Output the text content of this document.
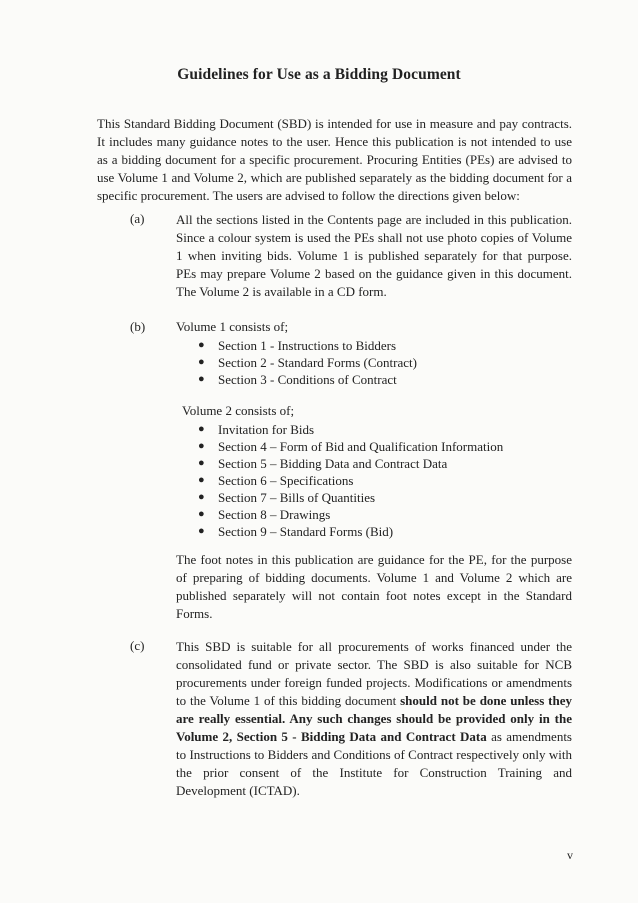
Guidelines for Use as a Bidding Document
This Standard Bidding Document (SBD) is intended for use in measure and pay contracts. It includes many guidance notes to the user. Hence this publication is not intended to use as a bidding document for a specific procurement. Procuring Entities (PEs) are advised to use Volume 1 and Volume 2, which are published separately as the bidding document for a specific procurement. The users are advised to follow the directions given below:
(a) All the sections listed in the Contents page are included in this publication. Since a colour system is used the PEs shall not use photo copies of Volume 1 when inviting bids. Volume 1 is published separately for that purpose. PEs may prepare Volume 2 based on the guidance given in this document. The Volume 2 is available in a CD form.
(b) Volume 1 consists of;
● Section 1 - Instructions to Bidders
● Section 2 - Standard Forms (Contract)
● Section 3 - Conditions of Contract
Volume 2 consists of;
● Invitation for Bids
● Section 4 – Form of Bid and Qualification Information
● Section 5 – Bidding Data and Contract Data
● Section 6 – Specifications
● Section 7 – Bills of Quantities
● Section 8 – Drawings
● Section 9 – Standard Forms (Bid)
The foot notes in this publication are guidance for the PE, for the purpose of preparing of bidding documents. Volume 1 and Volume 2 which are published separately will not contain foot notes except in the Standard Forms.
(c) This SBD is suitable for all procurements of works financed under the consolidated fund or private sector. The SBD is also suitable for NCB procurements under foreign funded projects. Modifications or amendments to the Volume 1 of this bidding document should not be done unless they are really essential. Any such changes should be provided only in the Volume 2, Section 5 - Bidding Data and Contract Data as amendments to Instructions to Bidders and Conditions of Contract respectively only with the prior consent of the Institute for Construction Training and Development (ICTAD).
v
